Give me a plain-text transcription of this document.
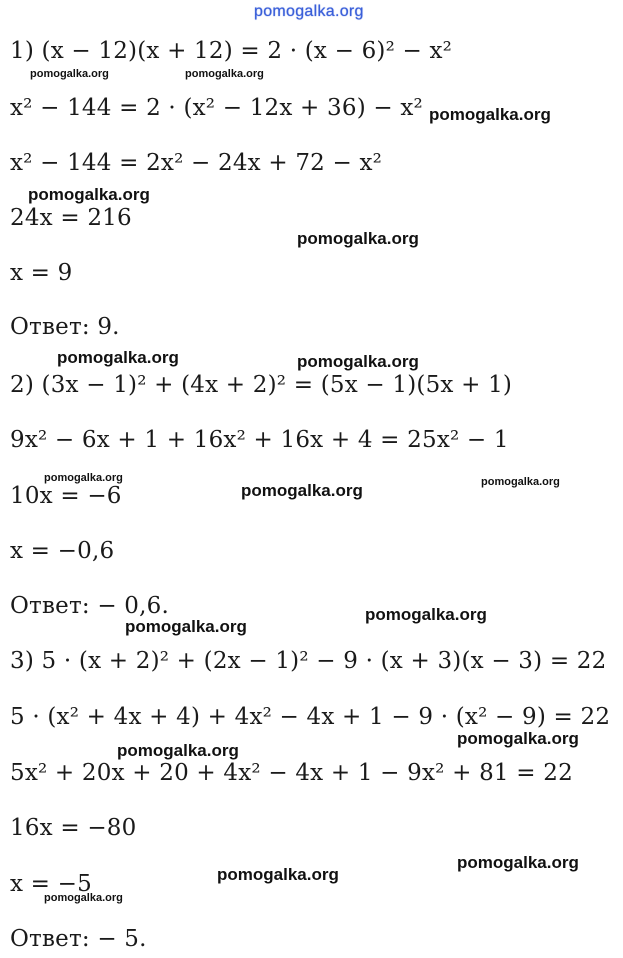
pomogalka.org
1) (x − 12)(x + 12) = 2 · (x − 6)² − x²
x² − 144 = 2 · (x² − 12x + 36) − x²
x² − 144 = 2x² − 24x + 72 − x²
24x = 216
x = 9
Ответ: 9.
2) (3x − 1)² + (4x + 2)² = (5x − 1)(5x + 1)
9x² − 6x + 1 + 16x² + 16x + 4 = 25x² − 1
10x = −6
x = −0,6
Ответ: − 0,6.
3) 5 · (x + 2)² + (2x − 1)² − 9 · (x + 3)(x − 3) = 22
5 · (x² + 4x + 4) + 4x² − 4x + 1 − 9 · (x² − 9) = 22
5x² + 20x + 20 + 4x² − 4x + 1 − 9x² + 81 = 22
16x = −80
x = −5
Ответ: − 5.
pomogalka.org	pomogalka.org
pomogalka.org
pomogalka.org
pomogalka.org
pomogalka.org	pomogalka.org
pomogalka.org	pomogalka.org
pomogalka.org
pomogalka.org
pomogalka.org
pomogalka.org
pomogalka.org
pomogalka.org
pomogalka.org
pomogalka.org
